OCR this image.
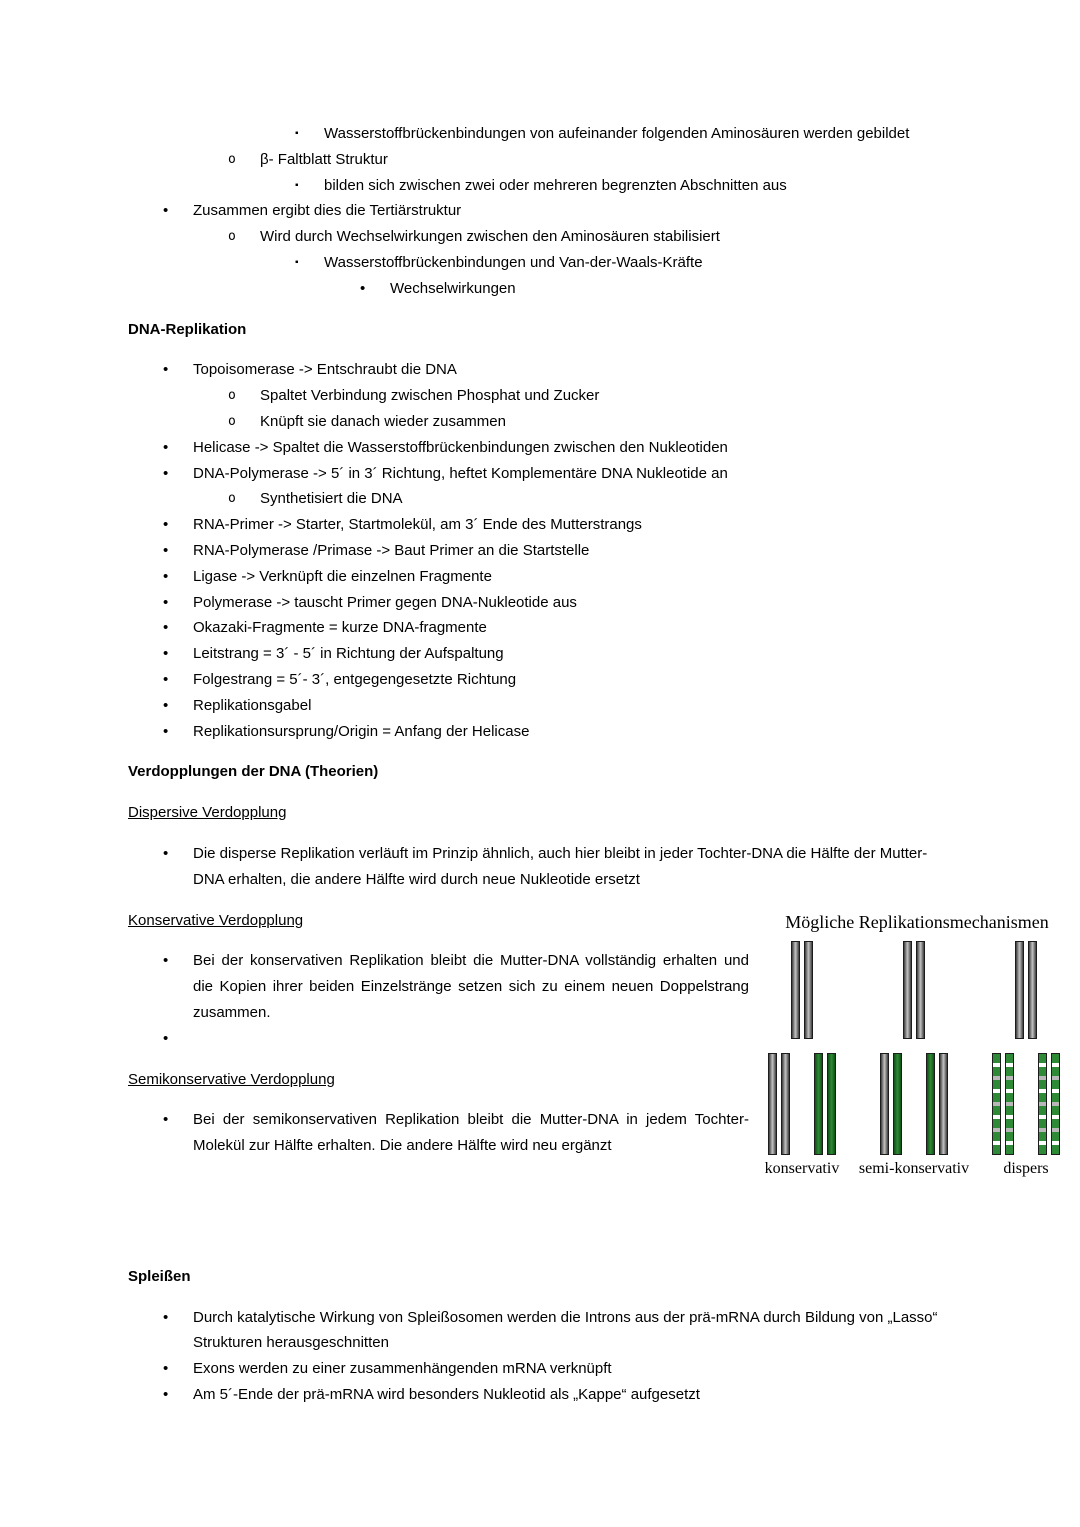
▪ Wasserstoffbrückenbindungen von aufeinander folgenden Aminosäuren werden gebildet
o β- Faltblatt Struktur
▪ bilden sich zwischen zwei oder mehreren begrenzten Abschnitten aus
• Zusammen ergibt dies die Tertiärstruktur
o Wird durch Wechselwirkungen zwischen den Aminosäuren stabilisiert
▪ Wasserstoffbrückenbindungen und Van-der-Waals-Kräfte
• Wechselwirkungen
DNA-Replikation
• Topoisomerase -> Entschraubt die DNA
o Spaltet Verbindung zwischen Phosphat und Zucker
o Knüpft sie danach wieder zusammen
• Helicase -> Spaltet die Wasserstoffbrückenbindungen zwischen den Nukleotiden
• DNA-Polymerase -> 5´ in 3´ Richtung, heftet Komplementäre DNA Nukleotide an
o Synthetisiert die DNA
• RNA-Primer -> Starter, Startmolekül, am 3´ Ende des Mutterstrangs
• RNA-Polymerase /Primase -> Baut Primer an die Startstelle
• Ligase -> Verknüpft die einzelnen Fragmente
• Polymerase -> tauscht Primer gegen DNA-Nukleotide aus
• Okazaki-Fragmente = kurze DNA-fragmente
• Leitstrang = 3´ - 5´ in Richtung der Aufspaltung
• Folgestrang = 5´- 3´, entgegengesetzte Richtung
• Replikationsgabel
• Replikationsursprung/Origin = Anfang der Helicase
Verdopplungen der DNA (Theorien)
Dispersive Verdopplung
• Die disperse Replikation verläuft im Prinzip ähnlich, auch hier bleibt in jeder Tochter-DNA die Hälfte der Mutter-DNA erhalten, die andere Hälfte wird durch neue Nukleotide ersetzt
Konservative Verdopplung
• Bei der konservativen Replikation bleibt die Mutter-DNA vollständig erhalten und die Kopien ihrer beiden Einzelstränge setzen sich zu einem neuen Doppelstrang zusammen.
•
Semikonservative Verdopplung
• Bei der semikonservativen Replikation bleibt die Mutter-DNA in jedem Tochter-Molekül zur Hälfte erhalten. Die andere Hälfte wird neu ergänzt
Spleißen
• Durch katalytische Wirkung von Spleißosomen werden die Introns aus der prä-mRNA durch Bildung von „Lasso“ Strukturen herausgeschnitten
• Exons werden zu einer zusammenhängenden mRNA verknüpft
• Am 5´-Ende der prä-mRNA wird besonders Nukleotid als „Kappe“ aufgesetzt
Mögliche Replikationsmechanismen
konservativ semi-konservativ dispers
